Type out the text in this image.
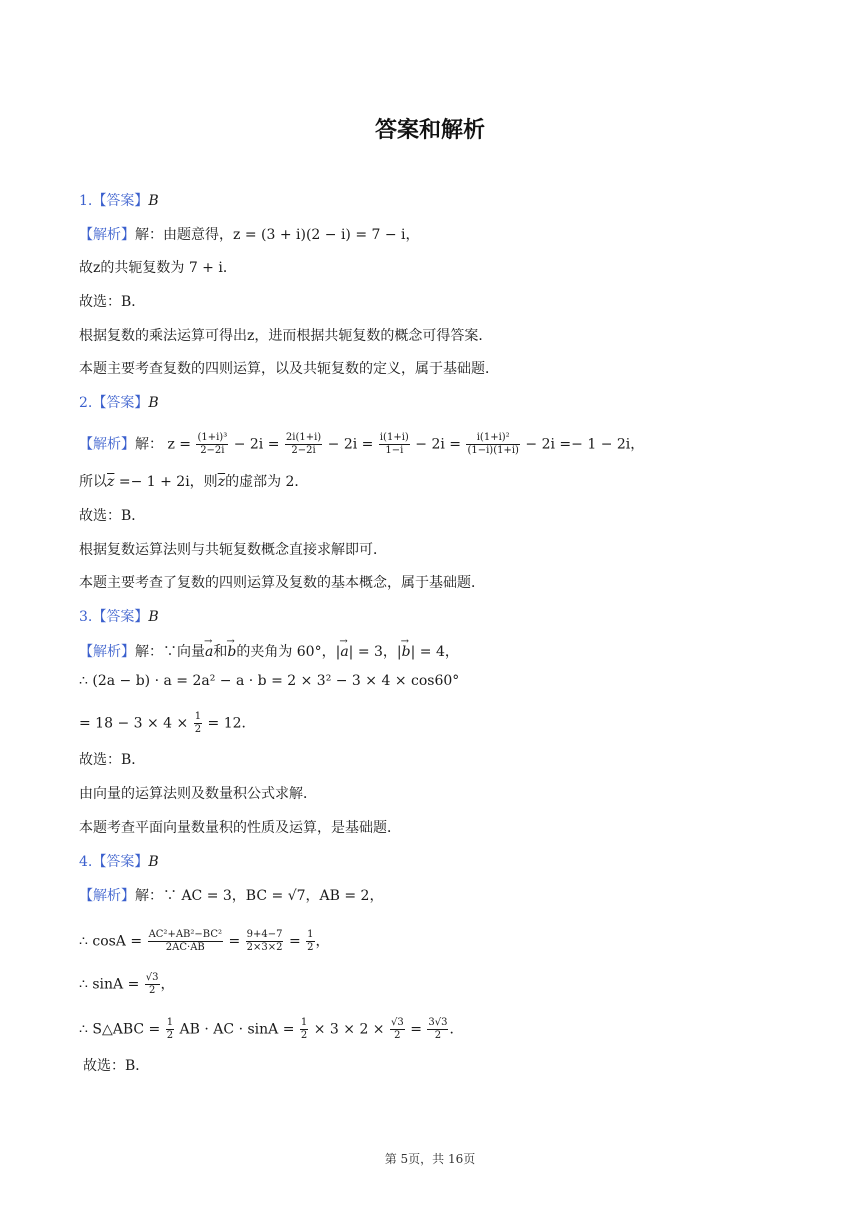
答案和解析
1.【答案】B
【解析】解：由题意得，z = (3 + i)(2 − i) = 7 − i，
故z的共轭复数为 7 + i．
故选：B．
根据复数的乘法运算可得出z，进而根据共轭复数的概念可得答案．
本题主要考查复数的四则运算，以及共轭复数的定义，属于基础题．
2.【答案】B
【解析】解： $z = \frac{\text{(1+i)³}}{2-2i} - 2i = \frac{2i(1+i)}{2-2i} - 2i = \frac{i(1+i)}{1-i} - 2i = \frac{\text{i(1+i)²}}{(1-i)(1+i)} - 2i =- 1 - 2i$，
所以$\overline{z} =- 1 + 2i$，则$\overline{z}$的虚部为 2．
故选：B．
根据复数运算法则与共轭复数概念直接求解即可．
本题主要考查了复数的四则运算及复数的基本概念，属于基础题．
3.【答案】B
【解析】解：∵向量→ a和→ b的夹角为 60°，|→ a| = 3，|→ b| = 4，
∴ (2a − b) · a = 2a² − a · b = 2 × 3² − 3 × 4 × cos60°
= $18 - 3 \times 4 \times \frac{1}{2} = 12$．
故选：B．
由向量的运算法则及数量积公式求解．
本题考查平面向量数量积的性质及运算，是基础题．
4.【答案】B
【解析】解：∵ AC = 3，BC = √7，AB = 2，
∴ $\cos A = \frac{\text{AC²+AB²−BC²}}{2AC\cdot AB} = \frac{9+4-7}{2\times 3\times 2} = \frac{1}{2}$ ，
∴ $\sin A = \frac{√3}{2}$ ，
∴ S△ABC = $\frac{1}{2}$ AB · AC · $\sin A = \frac{1}{2} \times 3 \times 2 \times \frac{√3}{2} = \frac{3√3}{2}$ ．
故选：B．
第 5页，共 16页
